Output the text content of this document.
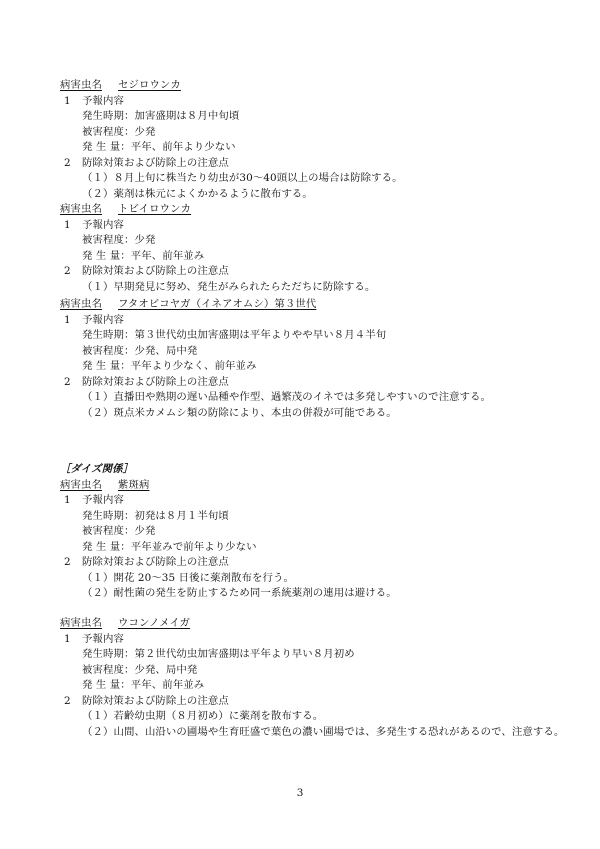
病害虫名 セジロウンカ
1 予報内容
発生時期：加害盛期は８月中旬頃
被害程度：少発
発 生 量：平年、前年より少ない
2 防除対策および防除上の注意点
（１）８月上旬に株当たり幼虫が30～40頭以上の場合は防除する。
（２）薬剤は株元によくかかるように散布する。
病害虫名 トビイロウンカ
1 予報内容
被害程度：少発
発 生 量：平年、前年並み
2 防除対策および防除上の注意点
（１）早期発見に努め、発生がみられたらただちに防除する。
病害虫名 フタオビコヤガ（イネアオムシ）第３世代
1 予報内容
発生時期：第３世代幼虫加害盛期は平年よりやや早い８月４半旬
被害程度：少発、局中発
発 生 量：平年より少なく、前年並み
2 防除対策および防除上の注意点
（１）直播田や熟期の遅い品種や作型、過繁茂のイネでは多発しやすいので注意する。
（２）斑点米カメムシ類の防除により、本虫の併殺が可能である。
［ダイズ関係］
病害虫名 紫斑病
1 予報内容
発生時期：初発は８月１半旬頃
被害程度：少発
発 生 量：平年並みで前年より少ない
2 防除対策および防除上の注意点
（１）開花 20～35 日後に薬剤散布を行う。
（２）耐性菌の発生を防止するため同一系統薬剤の連用は避ける。
病害虫名 ウコンノメイガ
1 予報内容
発生時期：第２世代幼虫加害盛期は平年より早い８月初め
被害程度：少発、局中発
発 生 量：平年、前年並み
2 防除対策および防除上の注意点
（１）若齢幼虫期（８月初め）に薬剤を散布する。
（２）山間、山沿いの圃場や生育旺盛で葉色の濃い圃場では、多発生する恐れがあるので、注意する。
3
